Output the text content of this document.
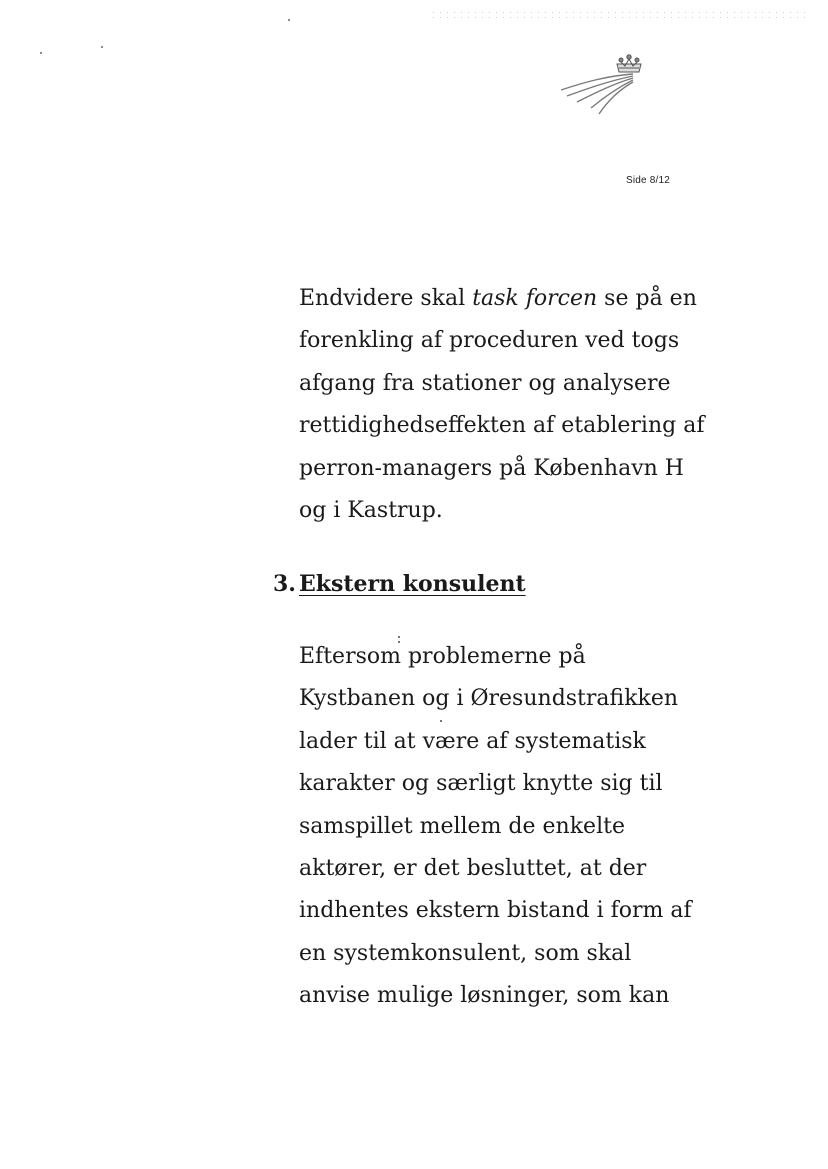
Side 8/12

Endvidere skal task forcen se på en
forenkling af proceduren ved togs
afgang fra stationer og analysere
rettidighedseffekten af etablering af
perron-managers på København H
og i Kastrup.

3. Ekstern konsulent

Eftersom problemerne på
Kystbanen og i Øresundstrafikken
lader til at være af systematisk
karakter og særligt knytte sig til
samspillet mellem de enkelte
aktører, er det besluttet, at der
indhentes ekstern bistand i form af
en systemkonsulent, som skal
anvise mulige løsninger, som kan
